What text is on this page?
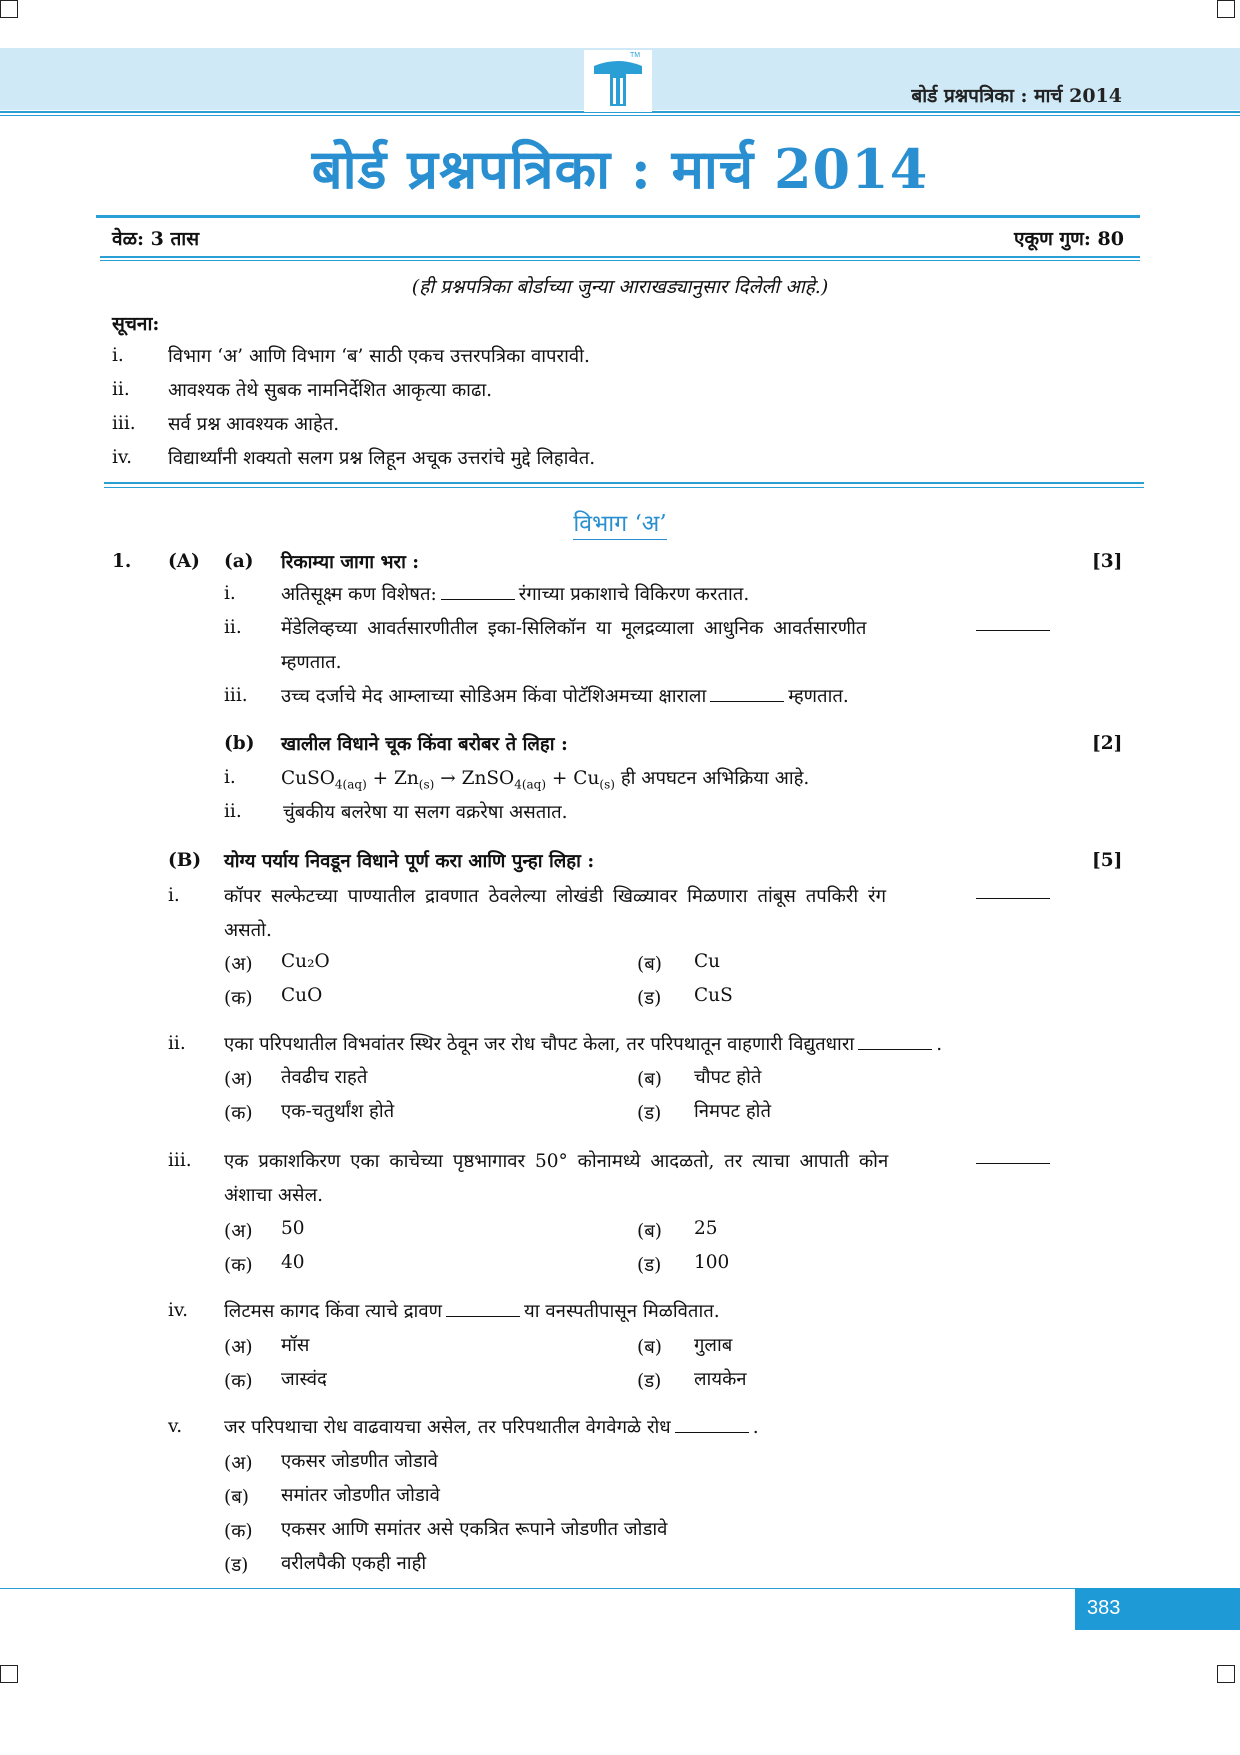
TM
बोर्ड प्रश्नपत्रिका : मार्च 2014
बोर्ड प्रश्नपत्रिका : मार्च 2014
वेळ: 3 तास	एकूण गुण: 80
(ही प्रश्नपत्रिका बोर्डाच्या जुन्या आराखड्यानुसार दिलेली आहे.)
सूचना:
i. विभाग ‘अ’ आणि विभाग ‘ब’ साठी एकच उत्तरपत्रिका वापरावी.
ii. आवश्यक तेथे सुबक नामनिर्देशित आकृत्या काढा.
iii. सर्व प्रश्न आवश्यक आहेत.
iv. विद्यार्थ्यांनी शक्यतो सलग प्रश्न लिहून अचूक उत्तरांचे मुद्दे लिहावेत.
विभाग ‘अ’
1. (A) (a) रिकाम्या जागा भरा :	[3]
i. अतिसूक्ष्म कण विशेषत:	रंगाच्या प्रकाशाचे विकिरण करतात.
ii. मेंडेलिव्हच्या आवर्तसारणीतील इका-सिलिकॉन या मूलद्रव्याला आधुनिक आवर्तसारणीत
म्हणतात.
iii. उच्च दर्जाचे मेद आम्लाच्या सोडिअम किंवा पोटॅशिअमच्या क्षाराला	म्हणतात.
(b) खालील विधाने चूक किंवा बरोबर ते लिहा :	[2]
i. CuSO$_{4(aq)}$ + $Zn_{(s)}$ → ZnSO$_{4(aq)}$ + $Cu_{(s)}$ ही अपघटन अभिक्रिया आहे.
ii. चुंबकीय बलरेषा या सलग वक्ररेषा असतात.
(B) योग्य पर्याय निवडून विधाने पूर्ण करा आणि पुन्हा लिहा :	[5]
i. कॉपर सल्फेटच्या पाण्यातील द्रावणात ठेवलेल्या लोखंडी खिळ्यावर मिळणारा तांबूस तपकिरी रंग
असतो.
(अ) Cu₂O	(ब) Cu
(क) CuO	(ड) CuS
ii. एका परिपथातील विभवांतर स्थिर ठेवून जर रोध चौपट केला, तर परिपथातून वाहणारी विद्युतधारा	.
(अ) तेवढीच राहते	(ब) चौपट होते
(क) एक-चतुर्थांश होते	(ड) निमपट होते
iii. एक प्रकाशकिरण एका काचेच्या पृष्ठभागावर 50° कोनामध्ये आदळतो, तर त्याचा आपाती कोन
अंशाचा असेल.
(अ) 50	(ब) 25
(क) 40	(ड) 100
iv. लिटमस कागद किंवा त्याचे द्रावण	या वनस्पतीपासून मिळवितात.
(अ) मॉस	(ब) गुलाब
(क) जास्वंद	(ड) लायकेन
v. जर परिपथाचा रोध वाढवायचा असेल, तर परिपथातील वेगवेगळे रोध	.
(अ) एकसर जोडणीत जोडावे
(ब) समांतर जोडणीत जोडावे
(क) एकसर आणि समांतर असे एकत्रित रूपाने जोडणीत जोडावे
(ड) वरीलपैकी एकही नाही
383
